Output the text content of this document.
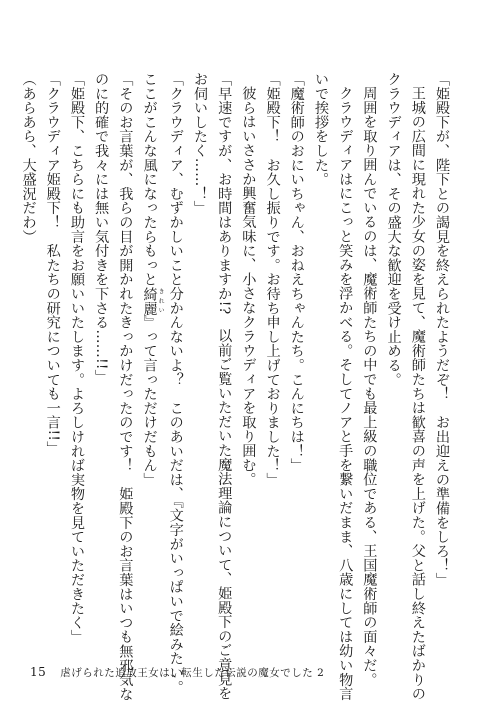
「姫殿下が、陛下との謁見を終えられたようだぞ！　お出迎えの準備をしろ！」
王城の広間に現れた少女の姿を見て、魔術師たちは歓喜の声を上げた。父と話し終えたばかりの
クラウディアは、その盛大な歓迎を受け止める。
周囲を取り囲んでいるのは、魔術師たちの中でも最上級の職位である、王国魔術師の面々だ。
クラウディアはにこっと笑みを浮かべる。そしてノアと手を繋いだまま、八歳にしては幼い物言
いで挨拶をした。
「魔術師のおにいちゃん、おねえちゃんたち。こんにちは！」
「姫殿下！　お久し振りです。お待ち申し上げておりました！」
彼らはいささか興奮気味に、小さなクラウディアを取り囲む。
「早速ですが、お時間はありますか!?　以前ご覧いただいた魔法理論について、姫殿下のご意見を
お伺いしたく……！」
「クラウディア、むずかしいこと分かんないよ？　このあいだは、『文字がいっぱいで絵みたい。
ここがこんな風になったらもっと綺麗 きれい』って言っただけだもん」
「そのお言葉が、我らの目が開かれたきっかけだったのです！　姫殿下のお言葉はいつも無邪気な
のに的確で我々には無い気付きを下さる……!!」
「姫殿下、こちらにも助言をお願いいたします。よろしければ実物を見ていただきたく」
「クラウディア姫殿下！　私たちの研究についても一言!!」
（あらあら、大盛況だわ）
15 虐げられた追放王女は、転生した伝説の魔女でした 2
